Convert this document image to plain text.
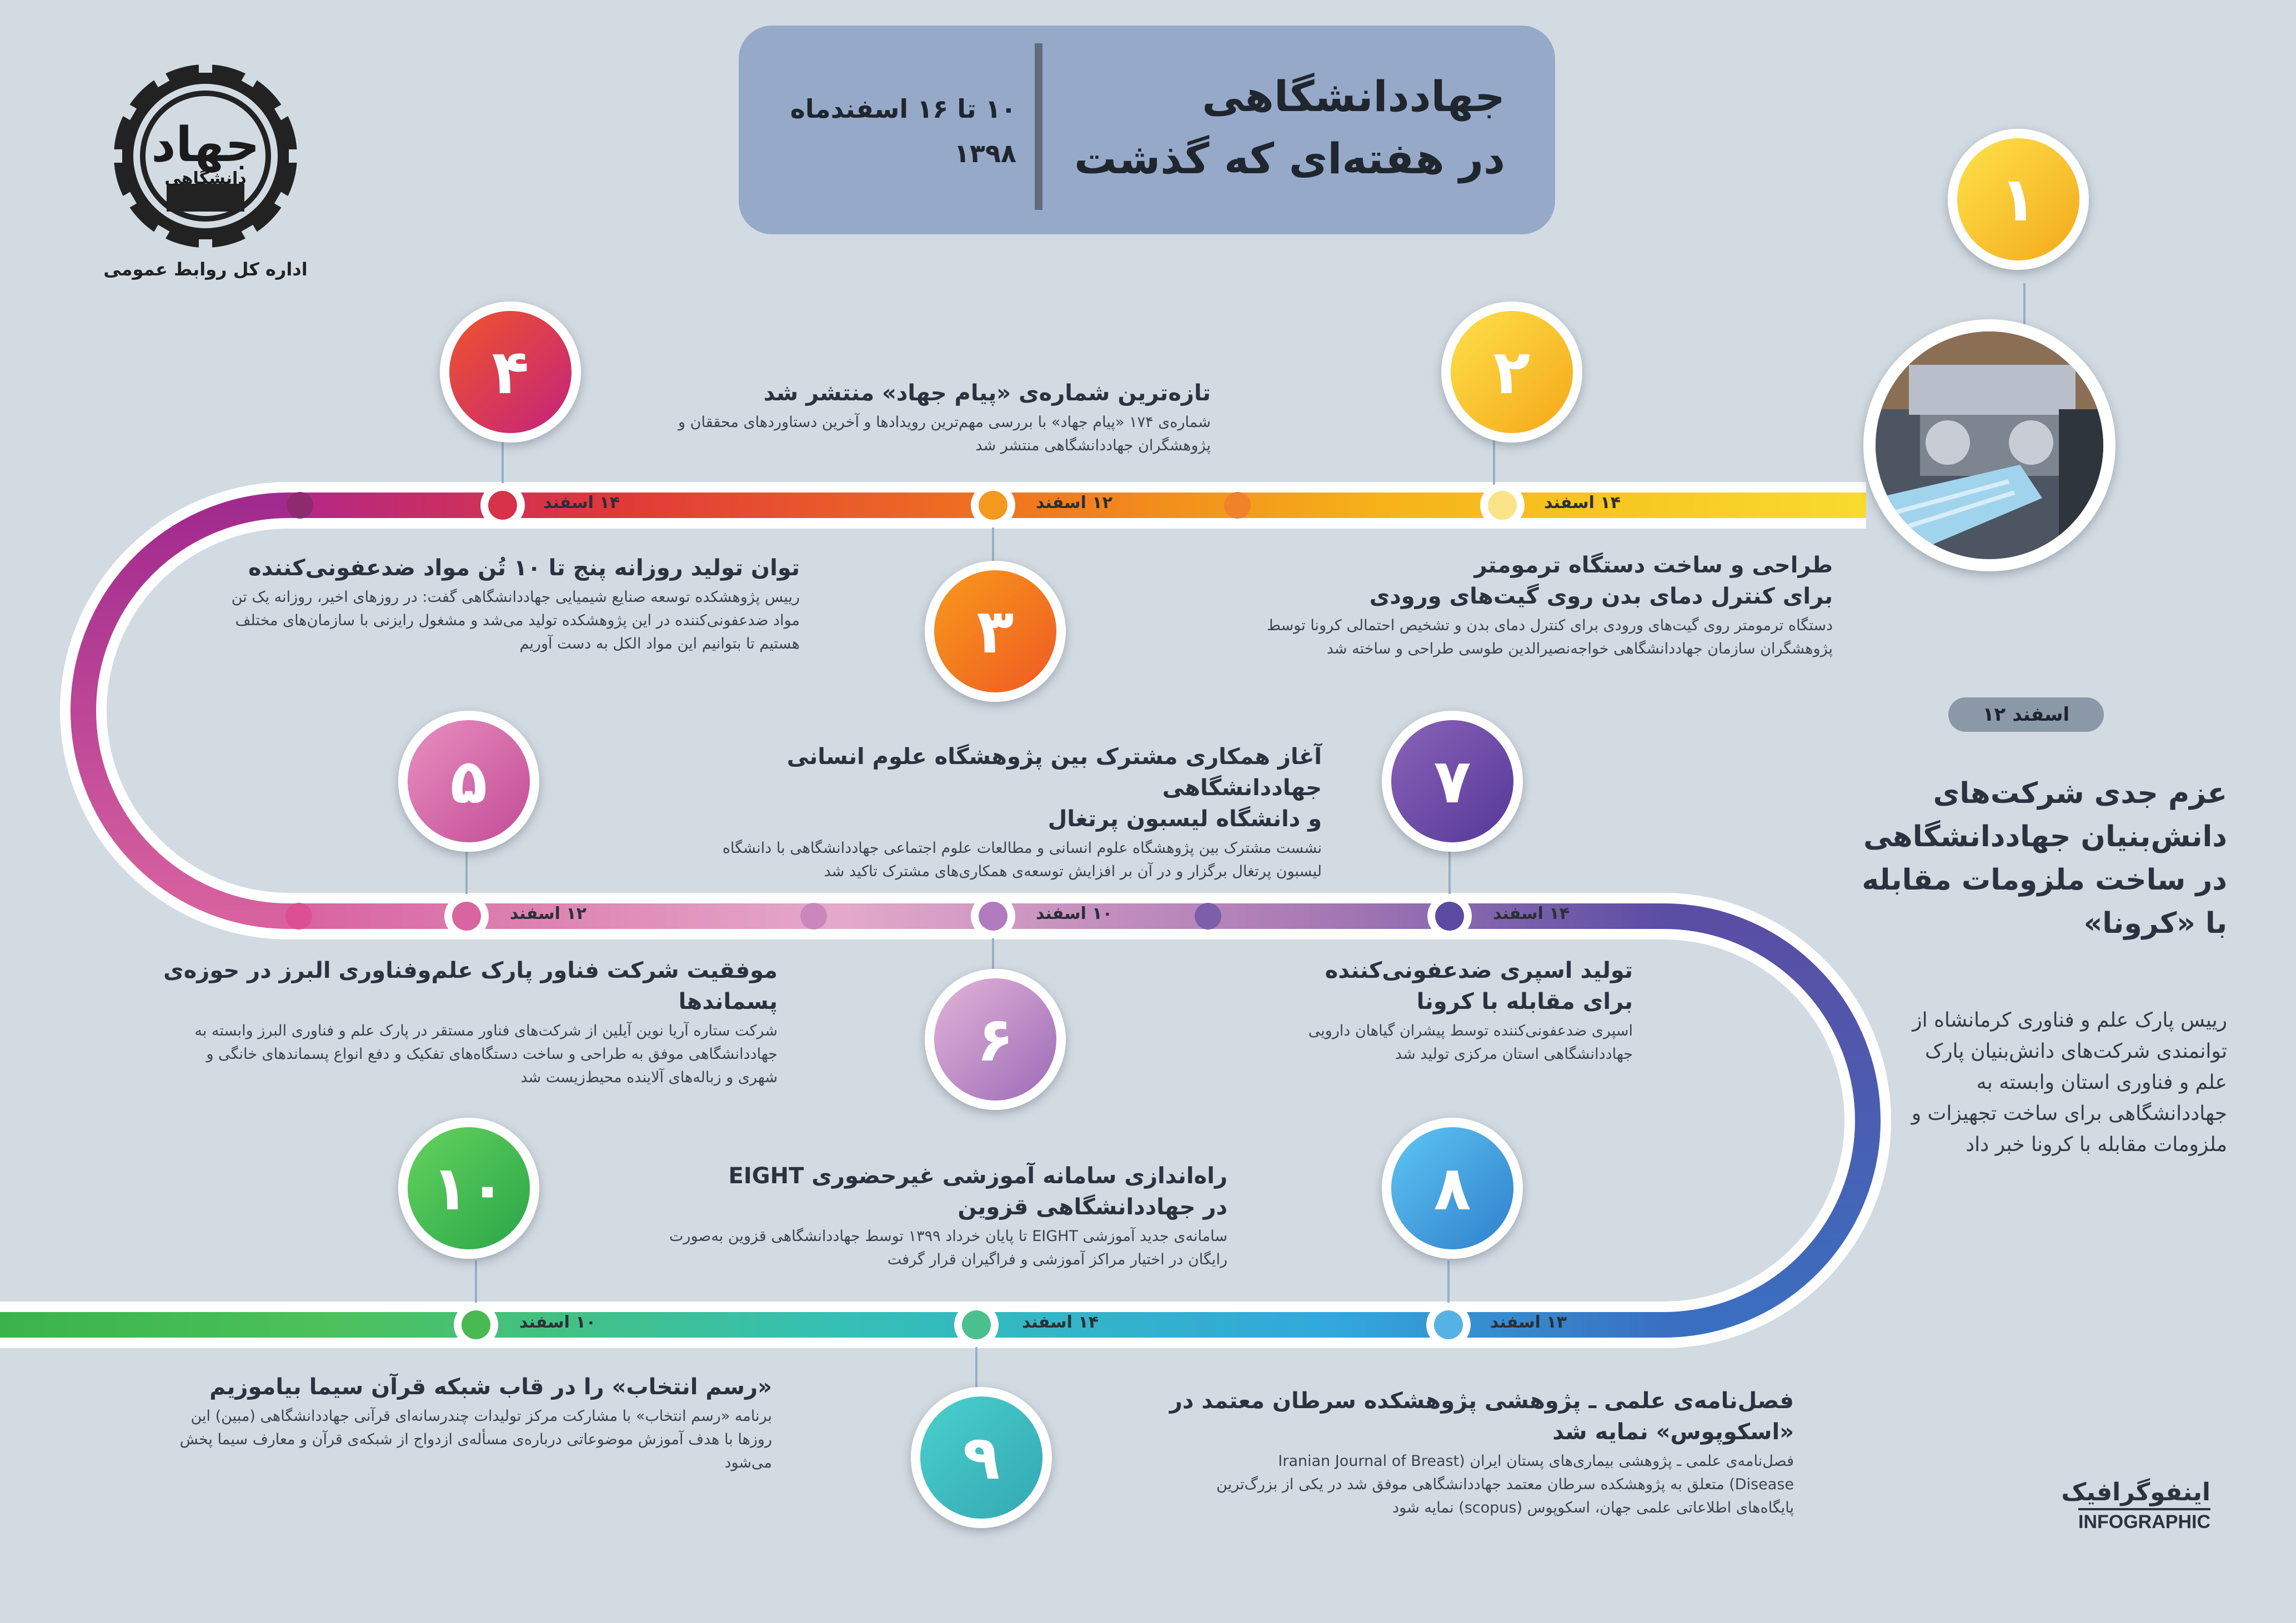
جهاددانشگاهی
در هفته‌ای که گذشت
۱۰ تا ۱۶ اسفندماه
۱۳۹۸
جهاد
دانشگاهی
اداره کل روابط عمومی
۱
۱۲ اسفند
عزم جدی شرکت‌های
دانش‌بنیان جهاددانشگاهی
در ساخت ملزومات مقابله
با «کرونا»
رییس پارک علم و فناوری کرمانشاه از
توانمندی شرکت‌های دانش‌بنیان پارک
علم و فناوری استان وابسته به
جهاددانشگاهی برای ساخت تجهیزات و
ملزومات مقابله با کرونا خبر داد
۲
۴
۳
۵	۷
۶
۱۰	۸
۹
۱۴ اسفند
۱۲ اسفند
۱۴ اسفند
۱۲ اسفند	۱۰ اسفند	۱۴ اسفند
۱۳ اسفند
۱۴ اسفند
۱۰ اسفند
طراحی و ساخت دستگاه ترمومتر
برای کنترل دمای بدن روی گیت‌های ورودی
دستگاه ترمومتر روی گیت‌های ورودی برای کنترل دمای بدن و تشخیص احتمالی کرونا توسط
پژوهشگران سازمان جهاددانشگاهی خواجه‌نصیرالدین طوسی طراحی و ساخته شد
تازه‌ترین شماره‌ی «پیام جهاد» منتشر شد
شماره‌ی ۱۷۴ «پیام جهاد» با بررسی مهم‌ترین رویدادها و آخرین دستاوردهای محققان و
پژوهشگران جهاددانشگاهی منتشر شد
توان تولید روزانه پنج تا ۱۰ تُن مواد ضدعفونی‌کننده
رییس پژوهشکده توسعه صنایع شیمیایی جهاددانشگاهی گفت: در روزهای اخیر، روزانه یک تن
مواد ضدعفونی‌کننده در این پژوهشکده تولید می‌شد و مشغول رایزنی با سازمان‌های مختلف
هستیم تا بتوانیم این مواد الکل به دست آوریم
آغاز همکاری مشترک بین پژوهشگاه علوم انسانی جهاددانشگاهی
و دانشگاه لیسبون پرتغال
نشست مشترک بین پژوهشگاه علوم انسانی و مطالعات علوم اجتماعی جهاددانشگاهی با دانشگاه
لیسبون پرتغال برگزار و در آن بر افزایش توسعه‌ی همکاری‌های مشترک تاکید شد
موفقیت شرکت فناور پارک علم‌وفناوری البرز در حوزه‌ی پسماندها
شرکت ستاره آریا نوین آیلین از شرکت‌های فناور مستقر در پارک علم و فناوری البرز وابسته به
جهاددانشگاهی موفق به طراحی و ساخت دستگاه‌های تفکیک و دفع انواع پسماندهای خانگی و
شهری و زباله‌های آلاینده محیط‌زیست شد
تولید اسپری ضدعفونی‌کننده
برای مقابله با کرونا
اسپری ضدعفونی‌کننده توسط پیشران گیاهان دارویی
جهاددانشگاهی استان مرکزی تولید شد
راه‌اندازی سامانه آموزشی غیرحضوری EIGHT
در جهاددانشگاهی قزوین
سامانه‌ی جدید آموزشی EIGHT تا پایان خرداد ۱۳۹۹ توسط جهاددانشگاهی قزوین به‌صورت
رایگان در اختیار مراکز آموزشی و فراگیران قرار گرفت
«رسم انتخاب» را در قاب شبکه قرآن سیما بیاموزیم
برنامه «رسم انتخاب» با مشارکت مرکز تولیدات چندرسانه‌ای قرآنی جهاددانشگاهی (مبین) این
روزها با هدف آموزش موضوعاتی درباره‌ی مسأله‌ی ازدواج از شبکه‌ی قرآن و معارف سیما پخش
می‌شود
فصل‌نامه‌ی علمی ـ پژوهشی پژوهشکده سرطان معتمد در
«اسکوپوس» نمایه شد
فصل‌نامه‌ی علمی ـ پژوهشی بیماری‌های پستان ایران (Iranian Journal of Breast
Disease) متعلق به پژوهشکده سرطان معتمد جهاددانشگاهی موفق شد در یکی از بزرگ‌ترین
پایگاه‌های اطلاعاتی علمی جهان، اسکوپوس (scopus) نمایه شود
اینفوگرافیک
INFOGRAPHIC
